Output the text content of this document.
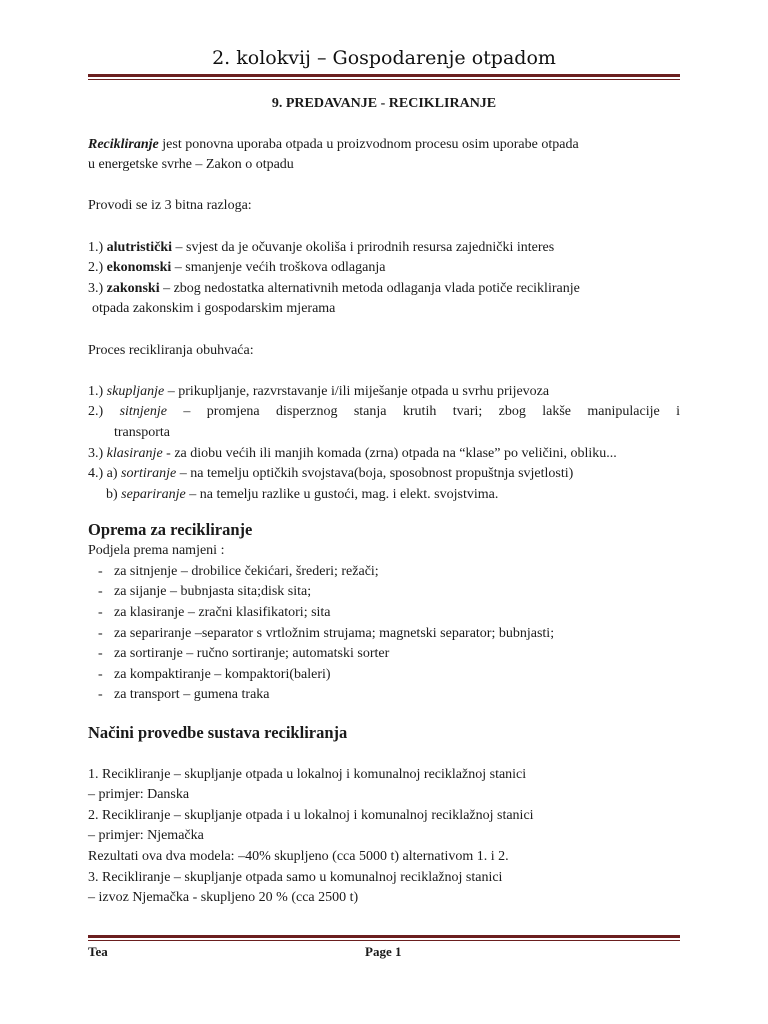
2. kolokvij – Gospodarenje otpadom

9. PREDAVANJE - RECIKLIRANJE

Recikliranje jest ponovna uporaba otpada u proizvodnom procesu osim uporabe otpada

u energetske svrhe – Zakon o otpadu

Provodi se iz 3 bitna razloga:

1.) alutristički – svjest da je očuvanje okoliša i prirodnih resursa zajednički interes

2.) ekonomski – smanjenje većih troškova odlaganja

3.) zakonski – zbog nedostatka alternativnih metoda odlaganja vlada potiče recikliranje

otpada zakonskim i gospodarskim mjerama

Proces recikliranja obuhvaća:

1.) skupljanje – prikupljanje, razvrstavanje i/ili miješanje otpada u svrhu prijevoza

2.) sitnjenje – promjena disperznog stanja krutih tvari; zbog lakše manipulacije i

transporta

3.) klasiranje - za diobu većih ili manjih komada (zrna) otpada na “klase” po veličini, obliku...

4.) a) sortiranje – na temelju optičkih svojstava(boja, sposobnost propuštnja svjetlosti)

b) separiranje – na temelju razlike u gustoći, mag. i elekt. svojstvima.

Oprema za recikliranje

Podjela prema namjeni :

- za sitnjenje – drobilice čekićari, šrederi; režači;
- za sijanje – bubnjasta sita;disk sita;
- za klasiranje – zračni klasifikatori; sita
- za separiranje –separator s vrtložnim strujama; magnetski separator; bubnjasti;
- za sortiranje – ručno sortiranje; automatski sorter
- za kompaktiranje – kompaktori(baleri)
- za transport – gumena traka
Načini provedbe sustava recikliranja

1. Recikliranje – skupljanje otpada u lokalnoj i komunalnoj reciklažnoj stanici

– primjer: Danska

2. Recikliranje – skupljanje otpada i u lokalnoj i komunalnoj reciklažnoj stanici

– primjer: Njemačka

Rezultati ova dva modela: –40% skupljeno (cca 5000 t) alternativom 1. i 2.

3. Recikliranje – skupljanje otpada samo u komunalnoj reciklažnoj stanici

– izvoz Njemačka - skupljeno 20 % (cca 2500 t)

Tea	Page 1
